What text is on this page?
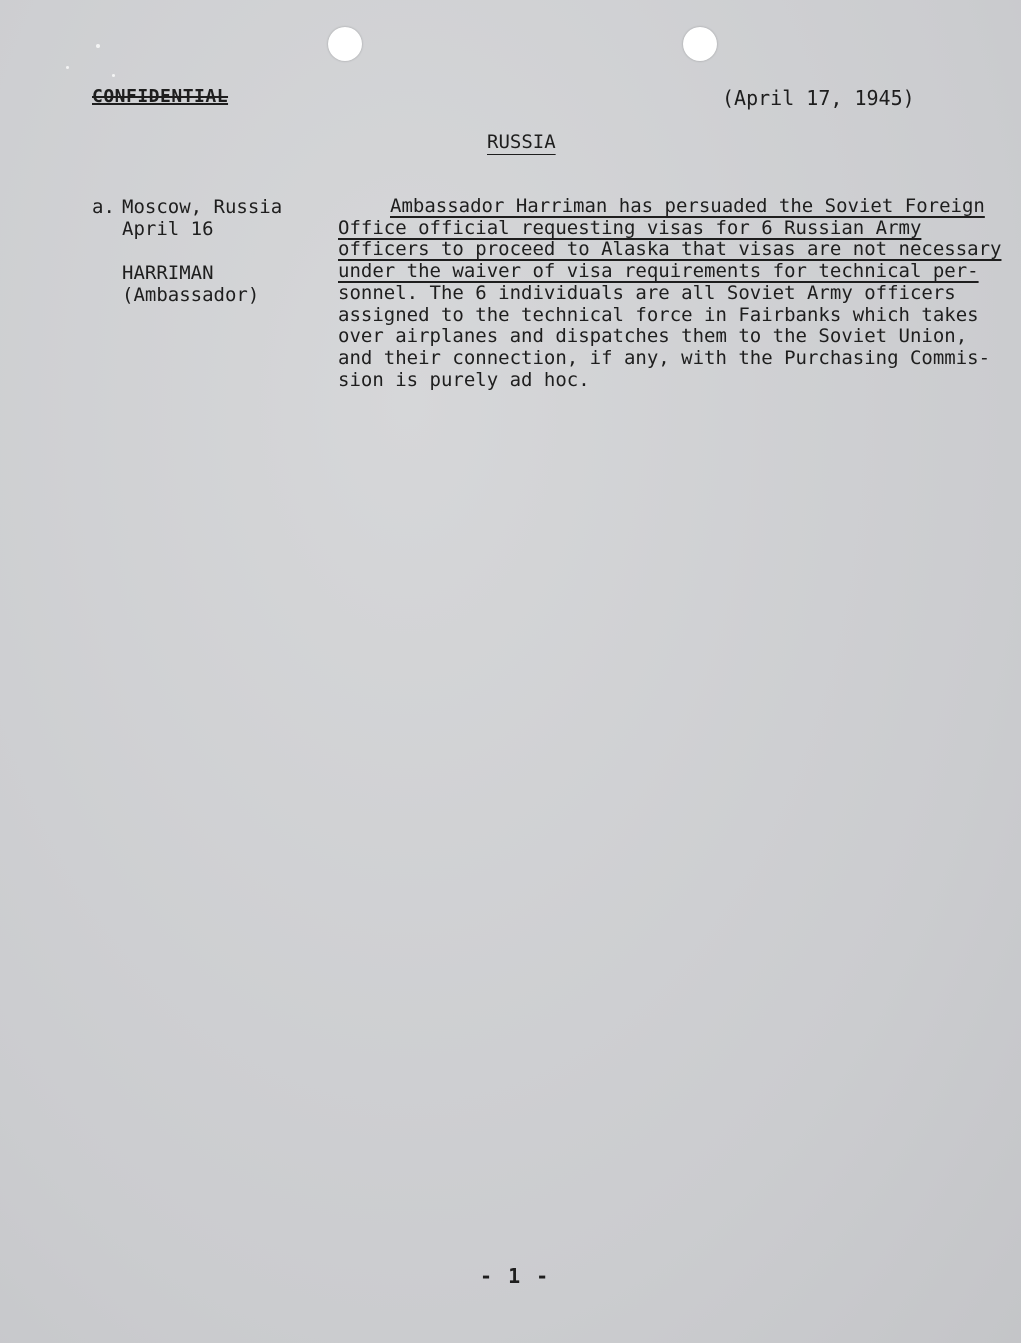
CONFIDENTIAL	(April 17, 1945)
RUSSIA
a. Moscow, Russia
April 16
HARRIMAN
(Ambassador)
Ambassador Harriman has persuaded the Soviet Foreign
Office official requesting visas for 6 Russian Army
officers to proceed to Alaska that visas are not necessary
under the waiver of visa requirements for technical per-
sonnel. The 6 individuals are all Soviet Army officers
assigned to the technical force in Fairbanks which takes
over airplanes and dispatches them to the Soviet Union,
and their connection, if any, with the Purchasing Commis-
sion is purely ad hoc.
- 1 -
